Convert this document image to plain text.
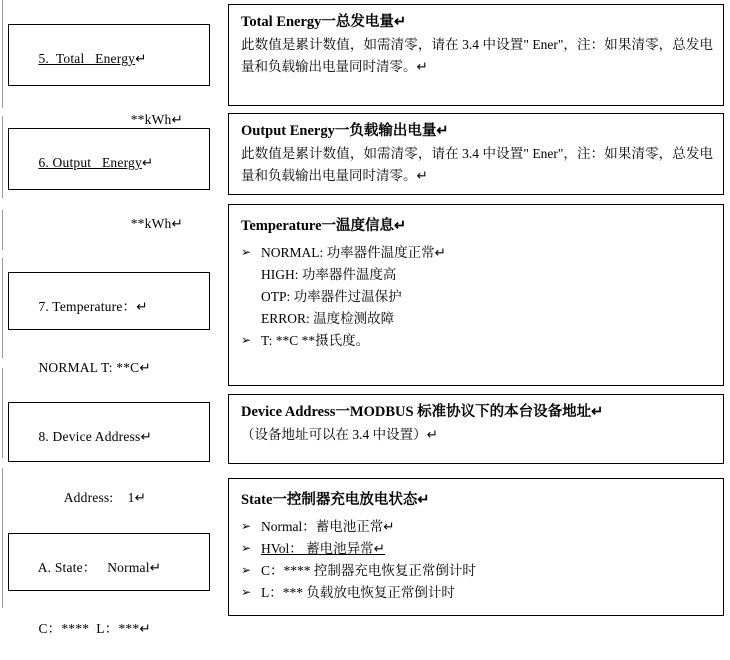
5.  Total   Energy↵

**kWh↵

Total Energy一总发电量↵
此数值是累计数值，如需清零，请在 3.4 中设置" Ener"，注：如果清零，总发电量和负载输出电量同时清零。↵

6. Output   Energy↵

**kWh↵

Output Energy一负载输出电量↵
此数值是累计数值，如需清零，请在 3.4 中设置" Ener"，注：如果清零，总发电量和负载输出电量同时清零。↵

7. Temperature：↵

NORMAL T: **C↵

Temperature一温度信息↵
➢ NORMAL: 功率器件温度正常↵
HIGH: 功率器件温度高
OTP: 功率器件过温保护
ERROR: 温度检测故障
➢ T: **C **摄氏度。

8. Device Address↵

Address:    1↵

Device Address一MODBUS 标准协议下的本台设备地址↵
（设备地址可以在 3.4 中设置）↵

A. State：   Normal↵

C：****  L：***↵

State一控制器充电放电状态↵
➢ Normal：蓄电池正常↵
➢ HVol： 蓄电池异常↵
➢ C：**** 控制器充电恢复正常倒计时
➢ L：*** 负载放电恢复正常倒计时
